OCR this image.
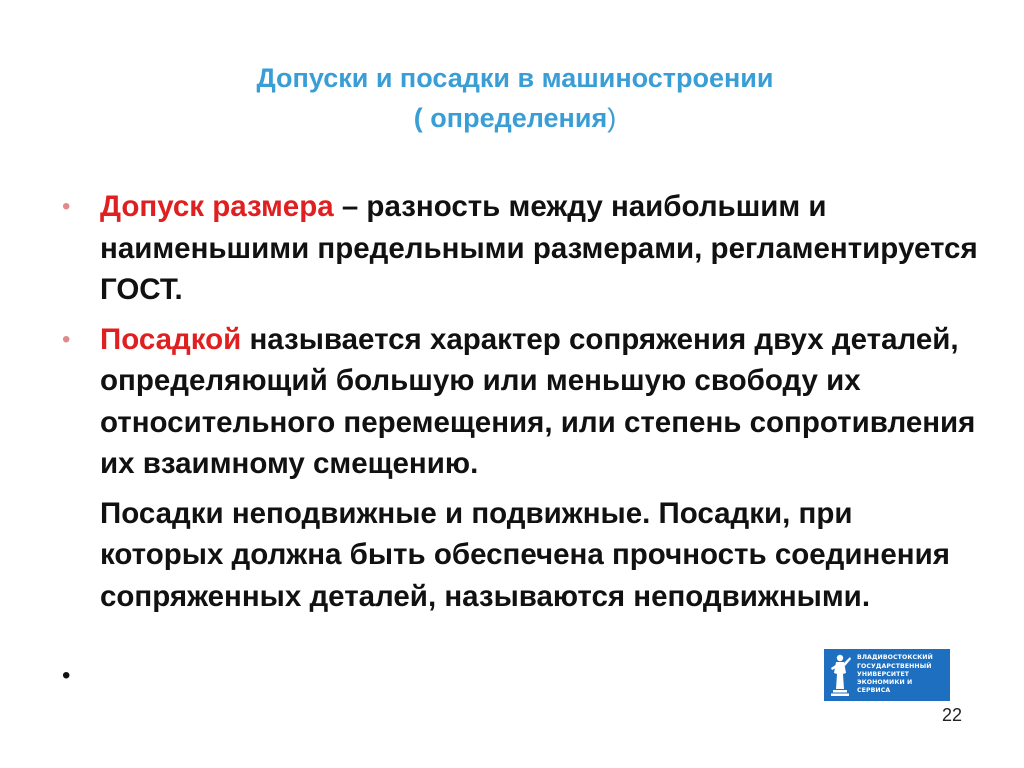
Допуски и посадки в машиностроении
( определения)
•	Допуск размера – разность между наибольшим и наименьшими предельными размерами, регламентируется ГОСТ.
•	Посадкой называется характер сопряжения двух деталей, определяющий большую или меньшую свободу их относительного перемещения, или степень сопротивления их взаимному смещению.
Посадки неподвижные и подвижные. Посадки, при которых должна быть обеспечена прочность соединения сопряженных деталей, называются неподвижными.
•
ВЛАДИВОСТОКСКИЙ
ГОСУДАРСТВЕННЫЙ
УНИВЕРСИТЕТ
ЭКОНОМИКИ И
СЕРВИСА
22
